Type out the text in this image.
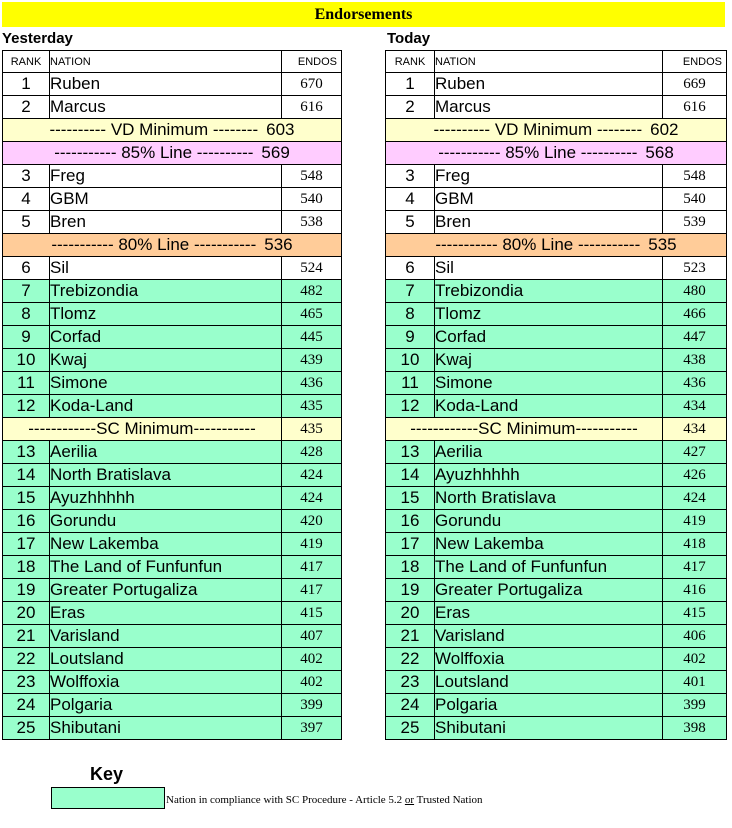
Endorsements
Yesterday	Today
RANK	NATION	ENDOS
1	Ruben	670
2	Marcus	616
---------- VD Minimum -------- 603		
----------- 85% Line ---------- 569		
3	Freg	548
4	GBM	540
5	Bren	538
----------- 80% Line ----------- 536		
6	Sil	524
7	Trebizondia	482
8	Tlomz	465
9	Corfad	445
10	Kwaj	439
11	Simone	436
12	Koda-Land	435
------------SC Minimum-----------		435
13	Aerilia	428
14	North Bratislava	424
15	Ayuzhhhhh	424
16	Gorundu	420
17	New Lakemba	419
18	The Land of Funfunfun	417
19	Greater Portugaliza	417
20	Eras	415
21	Varisland	407
22	Loutsland	402
23	Wolffoxia	402
24	Polgaria	399
25	Shibutani	397
RANK	NATION	ENDOS
1	Ruben	669
2	Marcus	616
---------- VD Minimum -------- 602		
----------- 85% Line ---------- 568		
3	Freg	548
4	GBM	540
5	Bren	539
----------- 80% Line ----------- 535		
6	Sil	523
7	Trebizondia	480
8	Tlomz	466
9	Corfad	447
10	Kwaj	438
11	Simone	436
12	Koda-Land	434
------------SC Minimum-----------		434
13	Aerilia	427
14	Ayuzhhhhh	426
15	North Bratislava	424
16	Gorundu	419
17	New Lakemba	418
18	The Land of Funfunfun	417
19	Greater Portugaliza	416
20	Eras	415
21	Varisland	406
22	Wolffoxia	402
23	Loutsland	401
24	Polgaria	399
25	Shibutani	398
Key
Nation in compliance with SC Procedure - Article 5.2 or Trusted Nation
